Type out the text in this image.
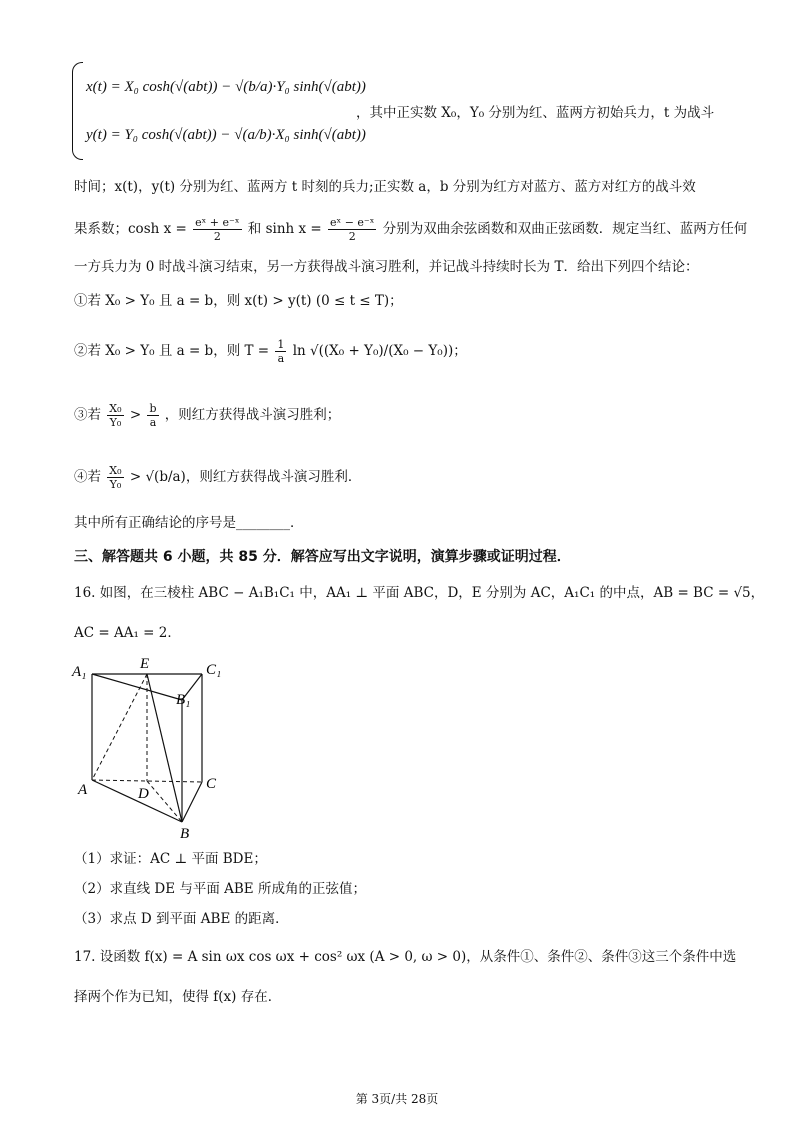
x(t) = X₀ cosh(√(abt)) − √(b/a)·Y₀ sinh(√(abt))
y(t) = Y₀ cosh(√(abt)) − √(a/b)·X₀ sinh(√(abt))
，其中正实数 X₀，Y₀ 分别为红、蓝两方初始兵力，t 为战斗
时间；x(t)，y(t) 分别为红、蓝两方 t 时刻的兵力;正实数 a，b 分别为红方对蓝方、蓝方对红方的战斗效
果系数；$\cosh x = \frac{\text{eˣ + e⁻ˣ}}{2}$ 和 $\sinh x = \frac{\text{eˣ − e⁻ˣ}}{2}$ 分别为双曲余弦函数和双曲正弦函数．规定当红、蓝两方任何
一方兵力为 0 时战斗演习结束，另一方获得战斗演习胜利，并记战斗持续时长为 T．给出下列四个结论：
①若 X₀ > Y₀ 且 a = b，则 x(t) > y(t) (0 ≤ t ≤ T)；
②若 X₀ > Y₀ 且 a = b，则 $T = \frac{1}{a}$ ln √((X₀ + Y₀)/(X₀ − Y₀))；
③若 $\frac{\text{X₀}}{\text{Y₀}} > \frac{b}{a}$ ，则红方获得战斗演习胜利；
④若 $\frac{\text{X₀}}{\text{Y₀}} > √(b/a)$，则红方获得战斗演习胜利．
其中所有正确结论的序号是________．
三、解答题共 6 小题，共 85 分．解答应写出文字说明，演算步骤或证明过程．
16. 如图，在三棱柱 ABC − A₁B₁C₁ 中，AA₁ ⊥ 平面 ABC，D，E 分别为 AC，A₁C₁ 的中点，AB = BC = √5，
AC = AA₁ = 2．
A₁	E	C₁
B₁
A	D
C
B
（1）求证：AC ⊥ 平面 BDE；
（2）求直线 DE 与平面 ABE 所成角的正弦值；
（3）求点 D 到平面 ABE 的距离．
17. 设函数 f(x) = A sin ωx cos ωx + cos² ωx (A > 0, ω > 0)，从条件①、条件②、条件③这三个条件中选
择两个作为已知，使得 f(x) 存在．
第 3页/共 28页
